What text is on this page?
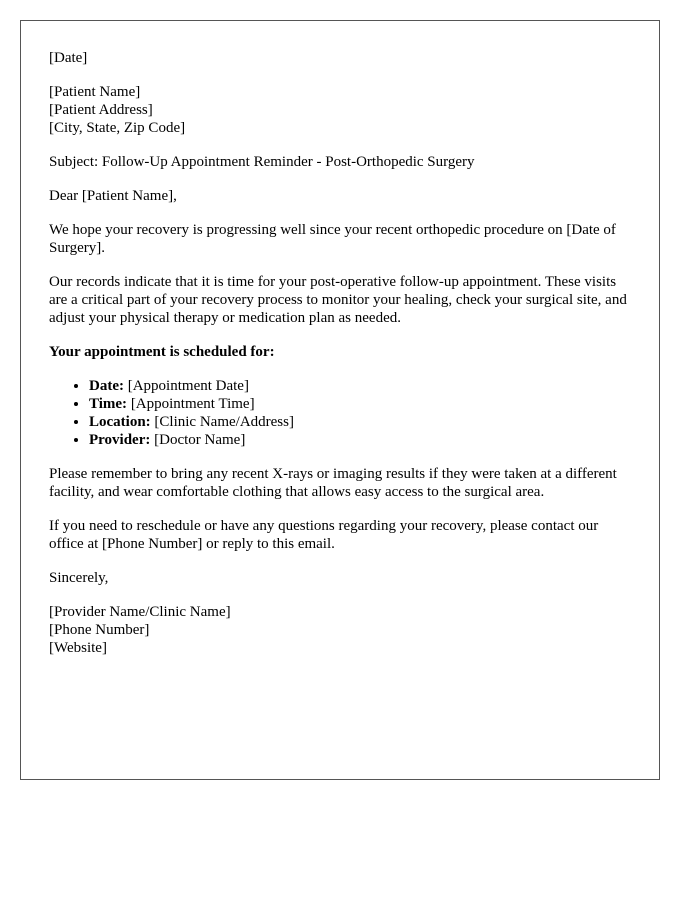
[Date]

[Patient Name]
[Patient Address]
[City, State, Zip Code]

Subject: Follow-Up Appointment Reminder - Post-Orthopedic Surgery

Dear [Patient Name],

We hope your recovery is progressing well since your recent orthopedic procedure on [Date of Surgery].

Our records indicate that it is time for your post-operative follow-up appointment. These visits are a critical part of your recovery process to monitor your healing, check your surgical site, and adjust your physical therapy or medication plan as needed.

Your appointment is scheduled for:

• Date: [Appointment Date]
• Time: [Appointment Time]
• Location: [Clinic Name/Address]
• Provider: [Doctor Name]

Please remember to bring any recent X-rays or imaging results if they were taken at a different facility, and wear comfortable clothing that allows easy access to the surgical area.

If you need to reschedule or have any questions regarding your recovery, please contact our office at [Phone Number] or reply to this email.

Sincerely,

[Provider Name/Clinic Name]
[Phone Number]
[Website]
